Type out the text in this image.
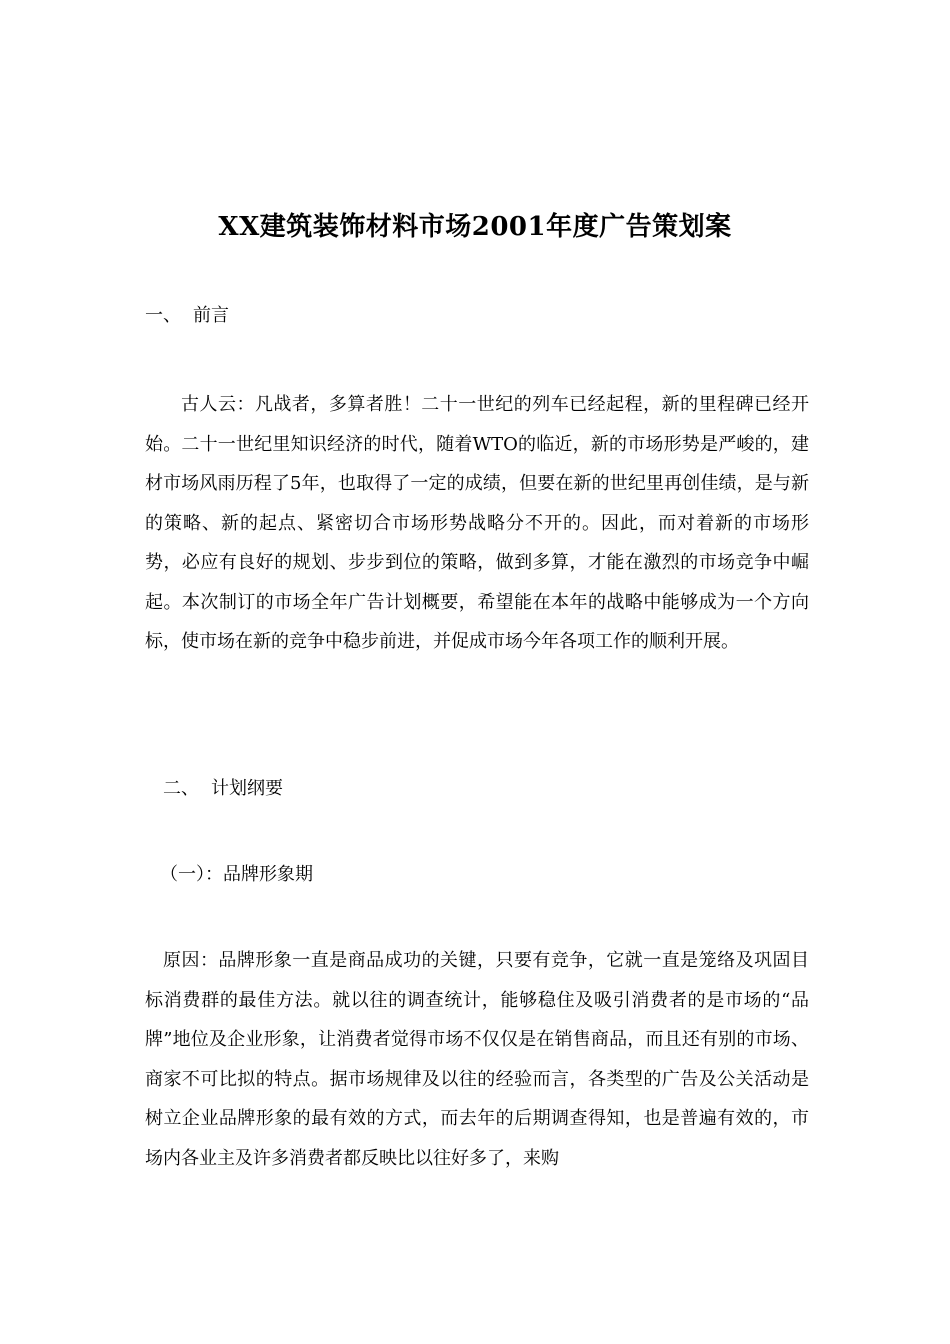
XX建筑装饰材料市场2001年度广告策划案
一、 前言

古人云：凡战者，多算者胜！二十一世纪的列车已经起程，新的里程碑已经开始。二十一世纪里知识经济的时代，随着WTO的临近，新的市场形势是严峻的，建材市场风雨历程了5年，也取得了一定的成绩，但要在新的世纪里再创佳绩，是与新的策略、新的起点、紧密切合市场形势战略分不开的。因此，而对着新的市场形势，必应有良好的规划、步步到位的策略，做到多算，才能在激烈的市场竞争中崛起。本次制订的市场全年广告计划概要，希望能在本年的战略中能够成为一个方向标，使市场在新的竞争中稳步前进，并促成市场今年各项工作的顺利开展。

二、 计划纲要
（一）：品牌形象期

原因：品牌形象一直是商品成功的关键，只要有竞争，它就一直是笼络及巩固目标消费群的最佳方法。就以往的调查统计，能够稳住及吸引消费者的是市场的“品牌”地位及企业形象，让消费者觉得市场不仅仅是在销售商品，而且还有别的市场、商家不可比拟的特点。据市场规律及以往的经验而言，各类型的广告及公关活动是树立企业品牌形象的最有效的方式，而去年的后期调查得知，也是普遍有效的，市场内各业主及许多消费者都反映比以往好多了，来购
